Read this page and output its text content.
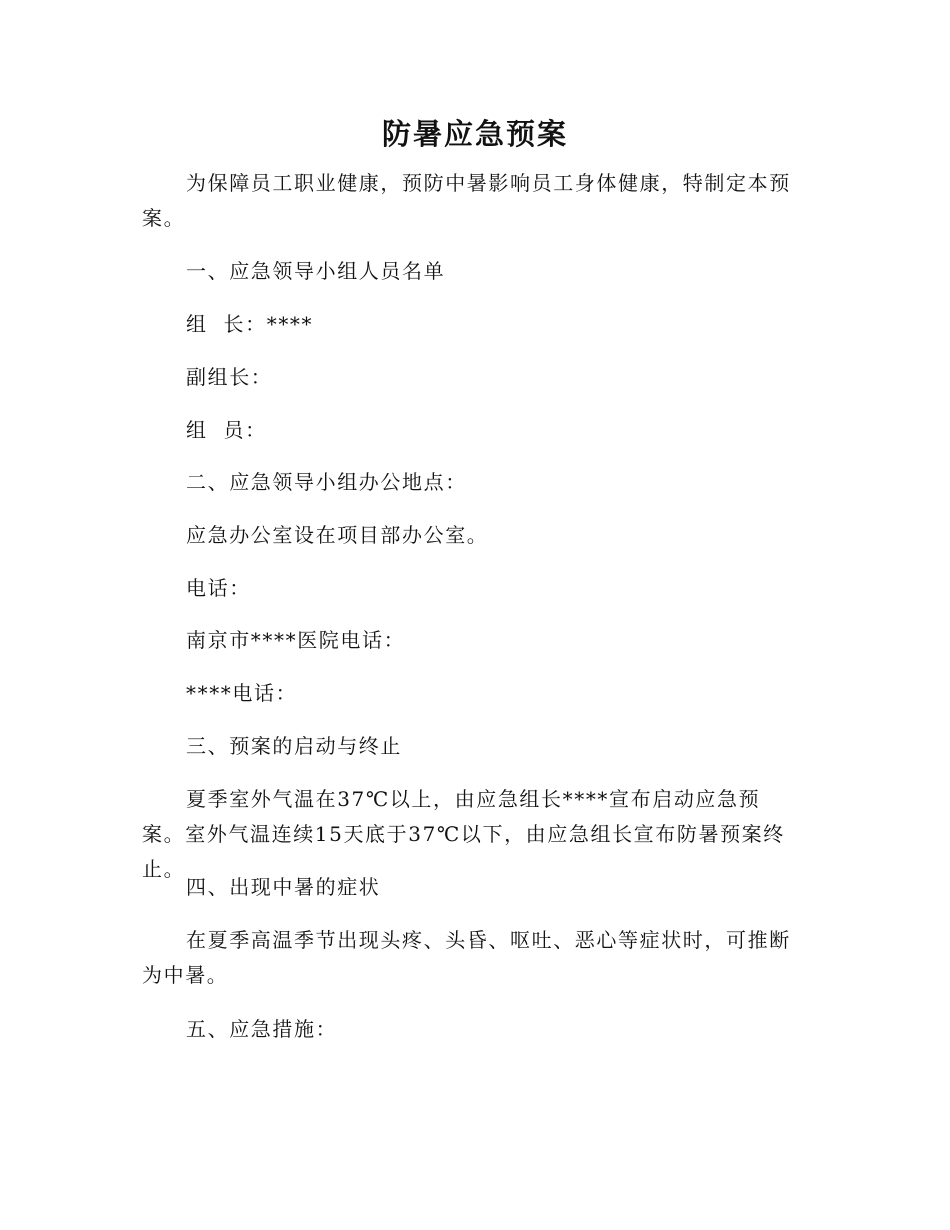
防暑应急预案

为保障员工职业健康，预防中暑影响员工身体健康，特制定本预案。

一、应急领导小组人员名单

组  长：****

副组长：

组  员：

二、应急领导小组办公地点：

应急办公室设在项目部办公室。

电话：

南京市****医院电话：

****电话：

三、预案的启动与终止

夏季室外气温在37℃以上，由应急组长****宣布启动应急预案。室外气温连续15天底于37℃以下，由应急组长宣布防暑预案终止。

四、出现中暑的症状

在夏季高温季节出现头疼、头昏、呕吐、恶心等症状时，可推断为中暑。

五、应急措施：
